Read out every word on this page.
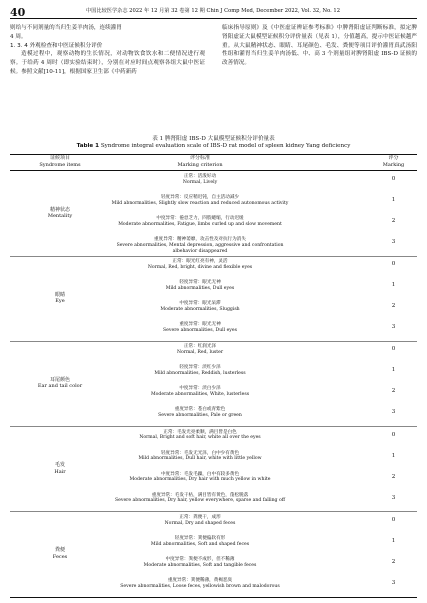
40	中国比较医学杂志 2022 年 12 月第 32 卷第 12 期 Chin J Comp Med, December 2022, Vol. 32, No. 12

则给与不同剂量的当归生姜羊肉汤，连续灌胃

4 周。

1. 3. 4 外观检查和中医证候积分评价

造模过程中，观察动物的生长情况，对动物饮食饮水和二便情况进行观察。于给药 4 周时（即实验结束时），分别在对应时间点观察各组大鼠中医证候。参照文献[10-11]，根据国家卫生部《中药新药

临床指导原则》及《中医虚证辨证参考标准》中脾肾阳虚证判断标准，拟定脾肾阳虚证大鼠模型证候积分评价量表（见表 1），分值越高，提示中医证候越严重。从大鼠精神状态、眼睛、耳尾颜色、毛发、粪便等项目评价灌胃真武汤阳性组和灌胃当归生姜羊肉汤低、中、高 3 个剂量组对脾肾阳虚 IBS-D 证候的改善情况。

表 1 脾肾阳虚 IBS-D 大鼠模型证候积分评价量表
Table 1 Syndrome integral evaluation scale of IBS-D rat model of spleen kidney Yang deficiency
证候项目
Syndrome items
评分标准
Marking criterion
评分
Marking
精神状态
Mentality
正常：活泼好动
Normal, Lively
0
轻度异常：反应稍迟钝，自主活动减少
Mild abnormalities, Slightly slow reaction and reduced autonomous activity
1
中度异常：倦怠乏力，四肢蜷缩，行动迟缓
Moderate abnormalities, Fatigue, limbs curled up and slow movement
2
重度异常：精神萎靡，攻击性及对抗行为消失
Severe abnormalities, Mental depression, aggressive and confrontation albehavior disappeared
3
眼睛
Eye
正常：眼光红亮有神，灵活
Normal, Red, bright, divine and flexible eyes
0
轻度异常：眼光无神
Mild abnormalities, Dull eyes
1
中度异常：眼光呆滞
Moderate abnormalities, Sluggish
2
重度异常：眼光无神
Severe abnormalities, Dull eyes
3
耳尾颜色
Ear and tail color
正常：红润光泽
Normal, Red, luster
0
轻度异常：淡红少泽
Mild abnormalities, Reddish, lusterless
1
中度异常：淡白少泽
Moderate abnormalities, White, lusterless
2
重度异常：苍白或青紫色
Severe abnormalities, Pale or green
3
毛发
Hair
正常：毛发光亮柔顺，满目皆是白色
Normal, Bright and soft hair, white all over the eyes
0
轻度异常：毛发无光泽，白中少有黄色
Mild abnormalities, Dull hair, white with little yellow
1
中度异常：毛发毛躁，白中有较多黄色
Moderate abnormalities, Dry hair with much yellow in white
2
重度异常：毛发干枯，满目皆有黄色，蓬松脱落
Severe abnormalities, Dry hair, yellow everywhere, sparse and falling off
3
粪便
Feces
正常：粪便干，成形
Normal, Dry and shaped feces
0
轻度异常：粪便偏软有形
Mild abnormalities, Soft and shaped feces
1
中度异常：粪便不成形，但不稀薄
Moderate abnormalities, Soft and tangible feces
2
重度异常：粪便稀薄，黄褐恶臭
Severe abnormalities, Loose feces, yellowish brown and malodorous
3
